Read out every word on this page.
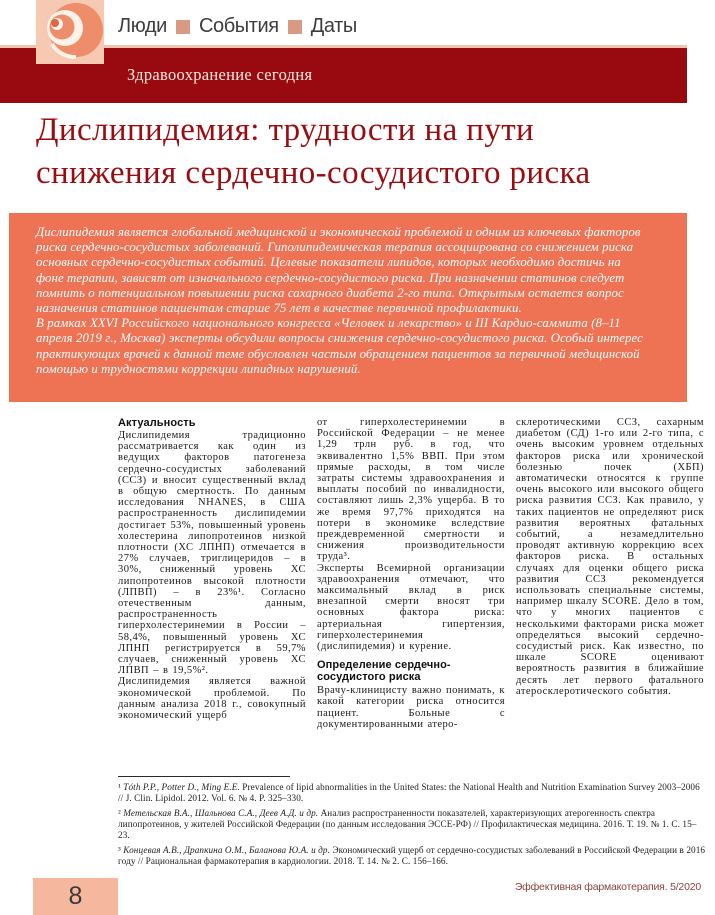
Люди События Даты
Здравоохранение сегодня
Дислипидемия: трудности на пути снижения сердечно-сосудистого риска

Дислипидемия является глобальной медицинской и экономической проблемой и одним из ключевых факторов риска сердечно-сосудистых заболеваний. Гиполипидемическая терапия ассоциирована со снижением риска основных сердечно-сосудистых событий. Целевые показатели липидов, которых необходимо достичь на фоне терапии, зависят от изначального сердечно-сосудистого риска. При назначении статинов следует помнить о потенциальном повышении риска сахарного диабета 2-го типа. Открытым остается вопрос назначения статинов пациентам старше 75 лет в качестве первичной профилактики.

В рамках XXVI Российского национального конгресса «Человек и лекарство» и III Кардио-саммита (8–11 апреля 2019 г., Москва) эксперты обсудили вопросы снижения сердечно-сосудистого риска. Особый интерес практикующих врачей к данной теме обусловлен частым обращением пациентов за первичной медицинской помощью и трудностями коррекции липидных нарушений.

Актуальность

Дислипидемия традиционно рассматривается как один из ведущих факторов патогенеза сердечно-сосудистых заболеваний (ССЗ) и вносит существенный вклад в общую смертность. По данным исследования NHANES, в США распространенность дислипидемии достигает 53%, повышенный уровень холестерина липопротеинов низкой плотности (ХС ЛПНП) отмечается в 27% случаев, триглицеридов – в 30%, сниженный уровень ХС липопротеинов высокой плотности (ЛПВП) – в 23%¹. Согласно отечественным данным, распространенность гиперхолестеринемии в России – 58,4%, повышенный уровень ХС ЛПНП регистрируется в 59,7% случаев, сниженный уровень ХС ЛПВП – в 19,5%².

Дислипидемия является важной экономической проблемой. По данным анализа 2018 г., совокупный экономический ущерб

от гиперхолестеринемии в Российской Федерации – не менее 1,29 трлн руб. в год, что эквивалентно 1,5% ВВП. При этом прямые расходы, в том числе затраты системы здравоохранения и выплаты пособий по инвалидности, составляют лишь 2,3% ущерба. В то же время 97,7% приходятся на потери в экономике вследствие преждевременной смертности и снижения производительности труда³.

Эксперты Всемирной организации здравоохранения отмечают, что максимальный вклад в риск внезапной смерти вносят три основных фактора риска: артериальная гипертензия, гиперхолестеринемия (дислипидемия) и курение.

Определение сердечно-сосудистого риска

Врачу-клиницисту важно понимать, к какой категории риска относится пациент. Больные с документированными атеро-

склеротическими ССЗ, сахарным диабетом (СД) 1-го или 2-го типа, с очень высоким уровнем отдельных факторов риска или хронической болезнью почек (ХБП) автоматически относятся к группе очень высокого или высокого общего риска развития ССЗ. Как правило, у таких пациентов не определяют риск развития вероятных фатальных событий, а незамедлительно проводят активную коррекцию всех факторов риска. В остальных случаях для оценки общего риска развития ССЗ рекомендуется использовать специальные системы, например шкалу SCORE. Дело в том, что у многих пациентов с несколькими факторами риска может определяться высокий сердечно-сосудистый риск. Как известно, по шкале SCORE оценивают вероятность развития в ближайшие десять лет первого фатального атеросклеротического события.

¹ Tóth P.P., Potter D., Ming E.E. Prevalence of lipid abnormalities in the United States: the National Health and Nutrition Examination Survey 2003–2006 // J. Clin. Lipidol. 2012. Vol. 6. № 4. P. 325–330.

² Метельская В.А., Шальнова С.А., Деев А.Д. и др. Анализ распространенности показателей, характеризующих атерогенность спектра липопротеинов, у жителей Российской Федерации (по данным исследования ЭССЕ-РФ) // Профилактическая медицина. 2016. Т. 19. № 1. С. 15–23.

³ Концевая А.В., Драпкина О.М., Баланова Ю.А. и др. Экономический ущерб от сердечно-сосудистых заболеваний в Российской Федерации в 2016 году // Рациональная фармакотерапия в кардиологии. 2018. Т. 14. № 2. С. 156–166.

8	Эффективная фармакотерапия. 5/2020
